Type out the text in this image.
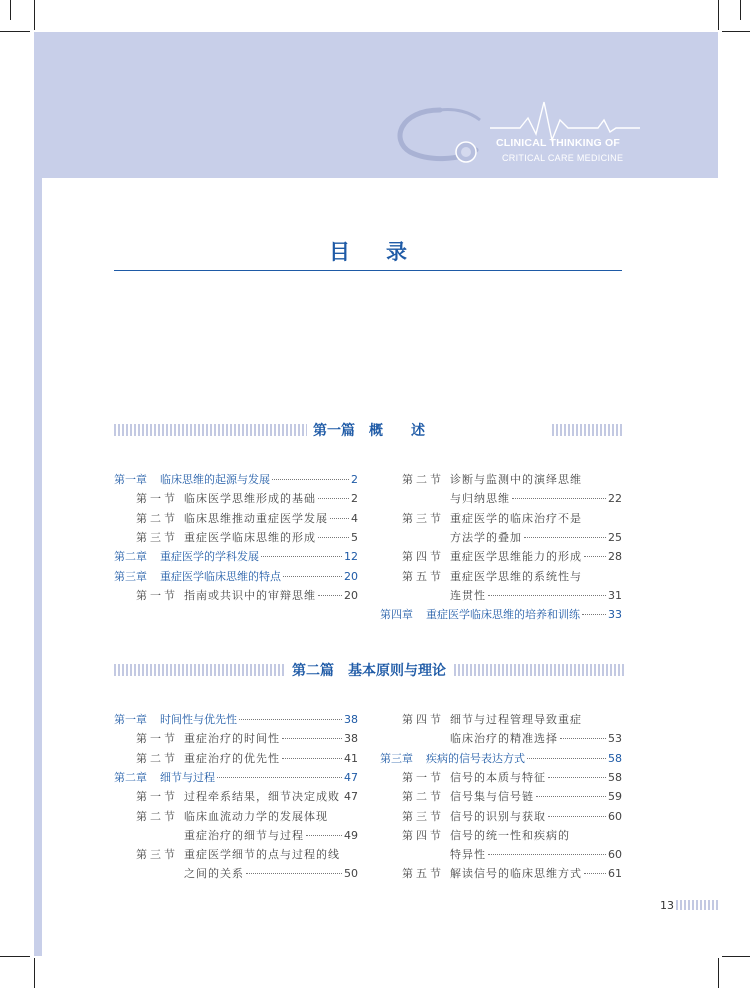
CLINICAL THINKING OF
CRITICAL CARE MEDICINE
目录
第一篇　概　　述
第二篇　基本原则与理论
第一章	临床思维的起源与发展	2
第一节 临床医学思维形成的基础	2
第二节 临床思维推动重症医学发展 4
第三节 重症医学临床思维的形成	5
第二章	重症医学的学科发展	12
第三章	重症医学临床思维的特点	20
第一节 指南或共识中的审辩思维	20
第二节 诊断与监测中的演绎思维
与归纳思维	22
第三节 重症医学的临床治疗不是
方法学的叠加	25
第四节 重症医学思维能力的形成 28
第五节 重症医学思维的系统性与
连贯性	31
第四章	重症医学临床思维的培养和训练	33
第一章	时间性与优先性	38
第一节 重症治疗的时间性	38
第二节 重症治疗的优先性	41
第二章	细节与过程	47
第一节 过程牵系结果，细节决定成败 47
第二节 临床血流动力学的发展体现
重症治疗的细节与过程	49
第三节 重症医学细节的点与过程的线
之间的关系	50
第四节 细节与过程管理导致重症
临床治疗的精准选择	53
第三章	疾病的信号表达方式	58
第一节 信号的本质与特征	58
第二节 信号集与信号链	59
第三节 信号的识别与获取	60
第四节 信号的统一性和疾病的
特异性	60
第五节 解读信号的临床思维方式 61
13
